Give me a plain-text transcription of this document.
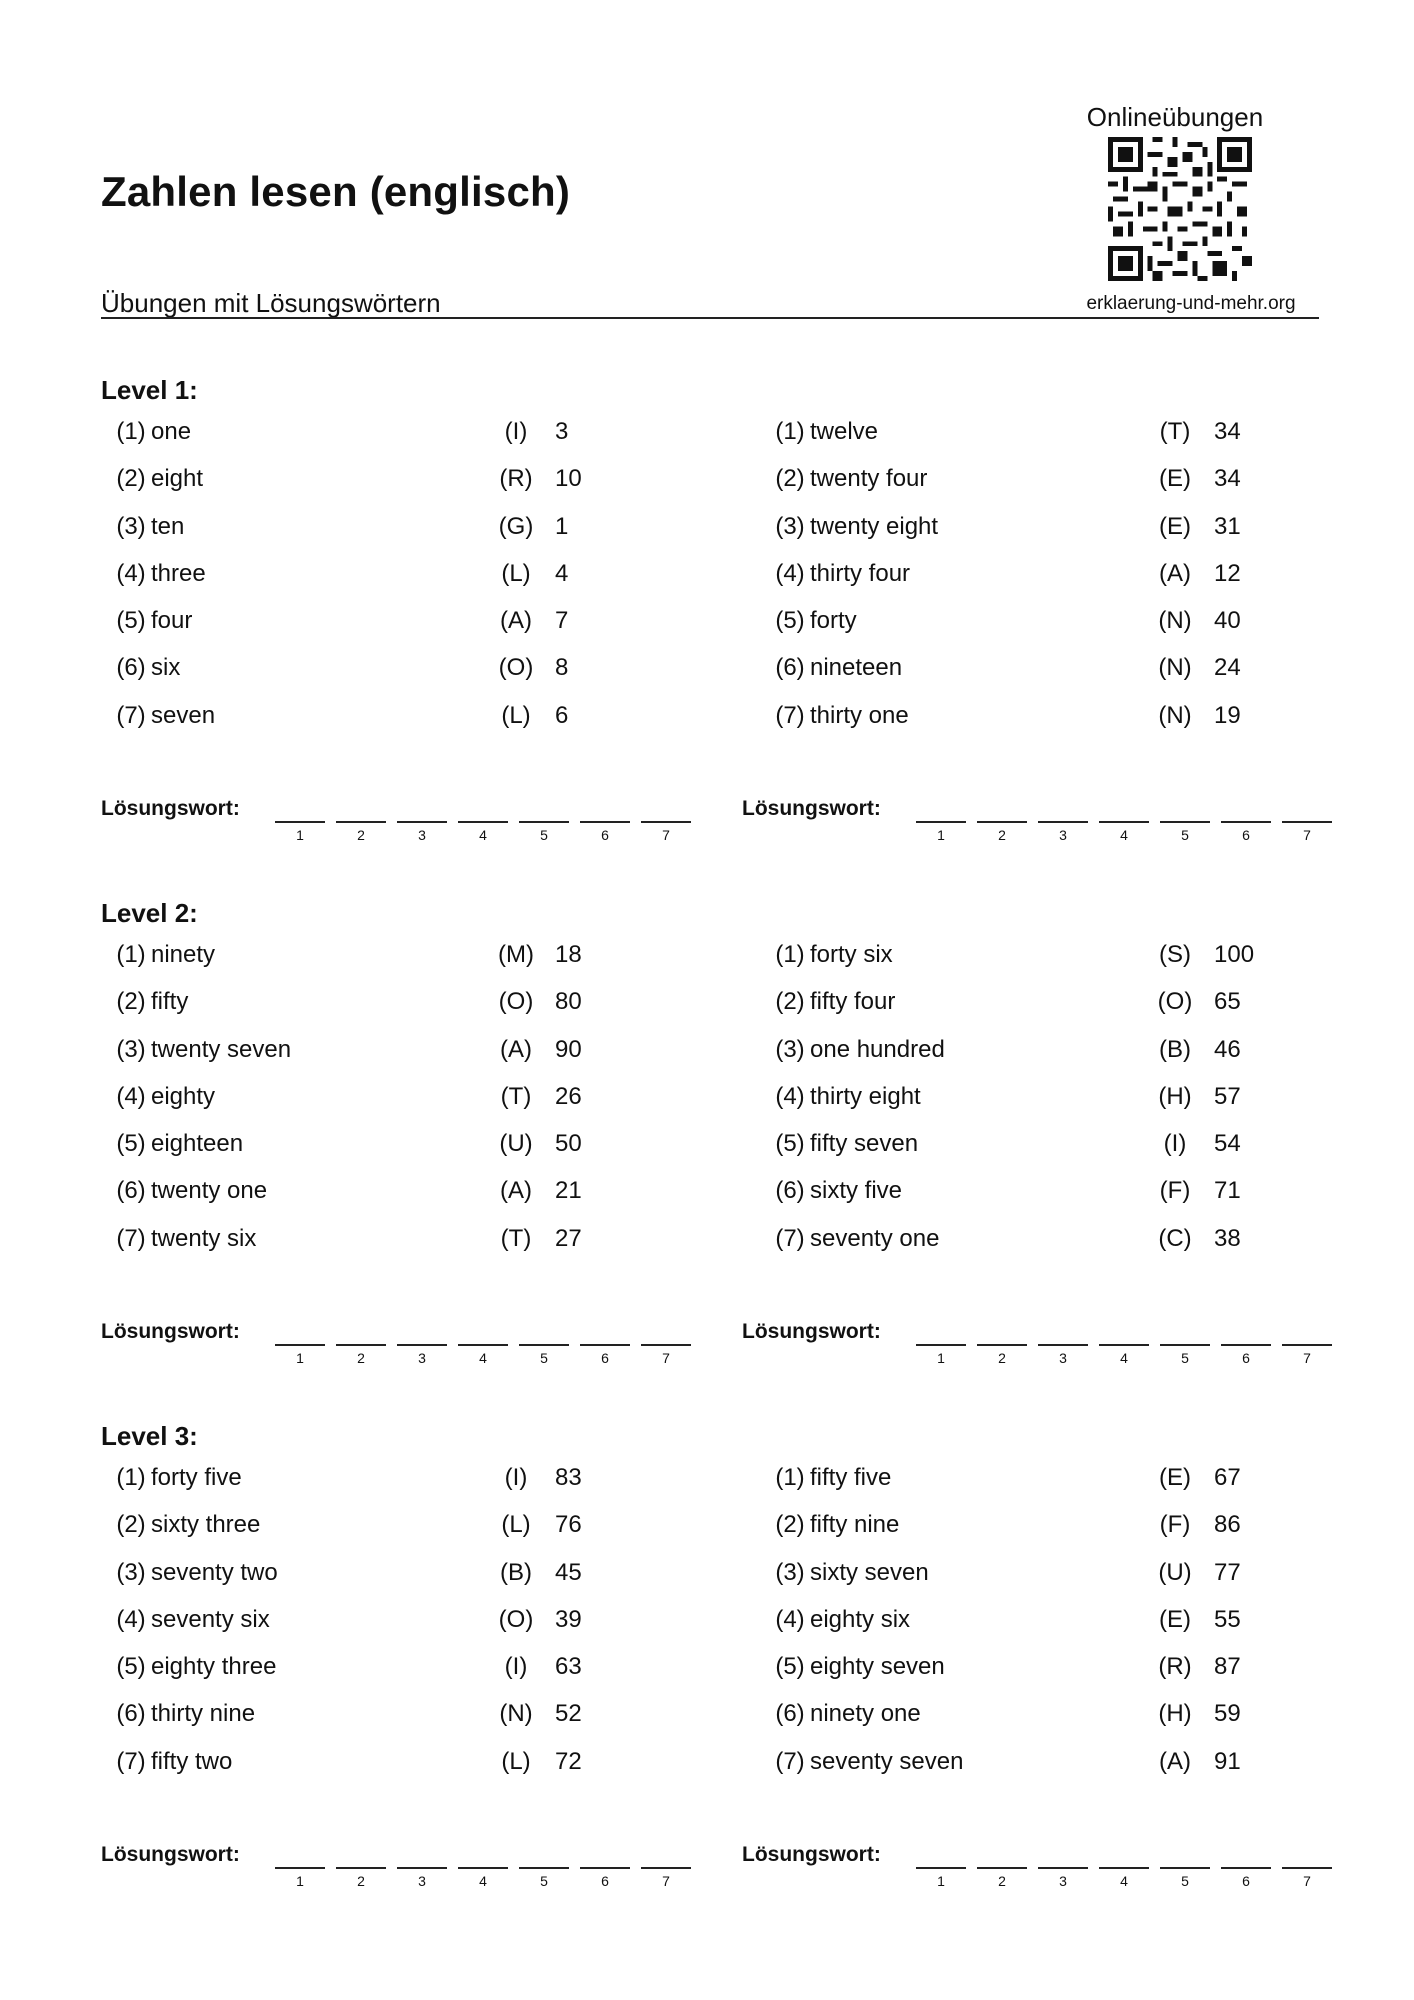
Zahlen lesen (englisch)
Übungen mit Lösungswörtern
Onlineübungen
erklaerung-und-mehr.org
Level 1:
(1) one	(I)	3
(2) eight	(R) 10
(3) ten	(G) 1
(4) three	(L)	4
(5) four	(A) 7
(6) six	(O) 8
(7) seven	(L)	6
Lösungswort:
1	2	3	4	5	6	7
(1) twelve	(T) 34
(2) twenty four	(E) 34
(3) twenty eight	(E) 31
(4) thirty four	(A) 12
(5) forty	(N) 40
(6) nineteen	(N) 24
(7) thirty one	(N) 19
Lösungswort:
1	2	3	4	5	6	7
Level 2:
(1) ninety	(M) 18
(2) fifty	(O) 80
(3) twenty seven	(A) 90
(4) eighty	(T) 26
(5) eighteen	(U) 50
(6) twenty one	(A) 21
(7) twenty six	(T) 27
Lösungswort:
1	2	3	4	5	6	7
(1) forty six	(S) 100
(2) fifty four	(O) 65
(3) one hundred	(B) 46
(4) thirty eight	(H) 57
(5) fifty seven	(I)	54
(6) sixty five	(F) 71
(7) seventy one	(C) 38
Lösungswort:
1	2	3	4	5	6	7
Level 3:
(1) forty five	(I)	83
(2) sixty three	(L)	76
(3) seventy two	(B) 45
(4) seventy six	(O) 39
(5) eighty three	(I)	63
(6) thirty nine	(N) 52
(7) fifty two	(L)	72
Lösungswort:
1	2	3	4	5	6	7
(1) fifty five	(E) 67
(2) fifty nine	(F) 86
(3) sixty seven	(U) 77
(4) eighty six	(E) 55
(5) eighty seven	(R) 87
(6) ninety one	(H) 59
(7) seventy seven	(A) 91
Lösungswort:
1	2	3	4	5	6	7
